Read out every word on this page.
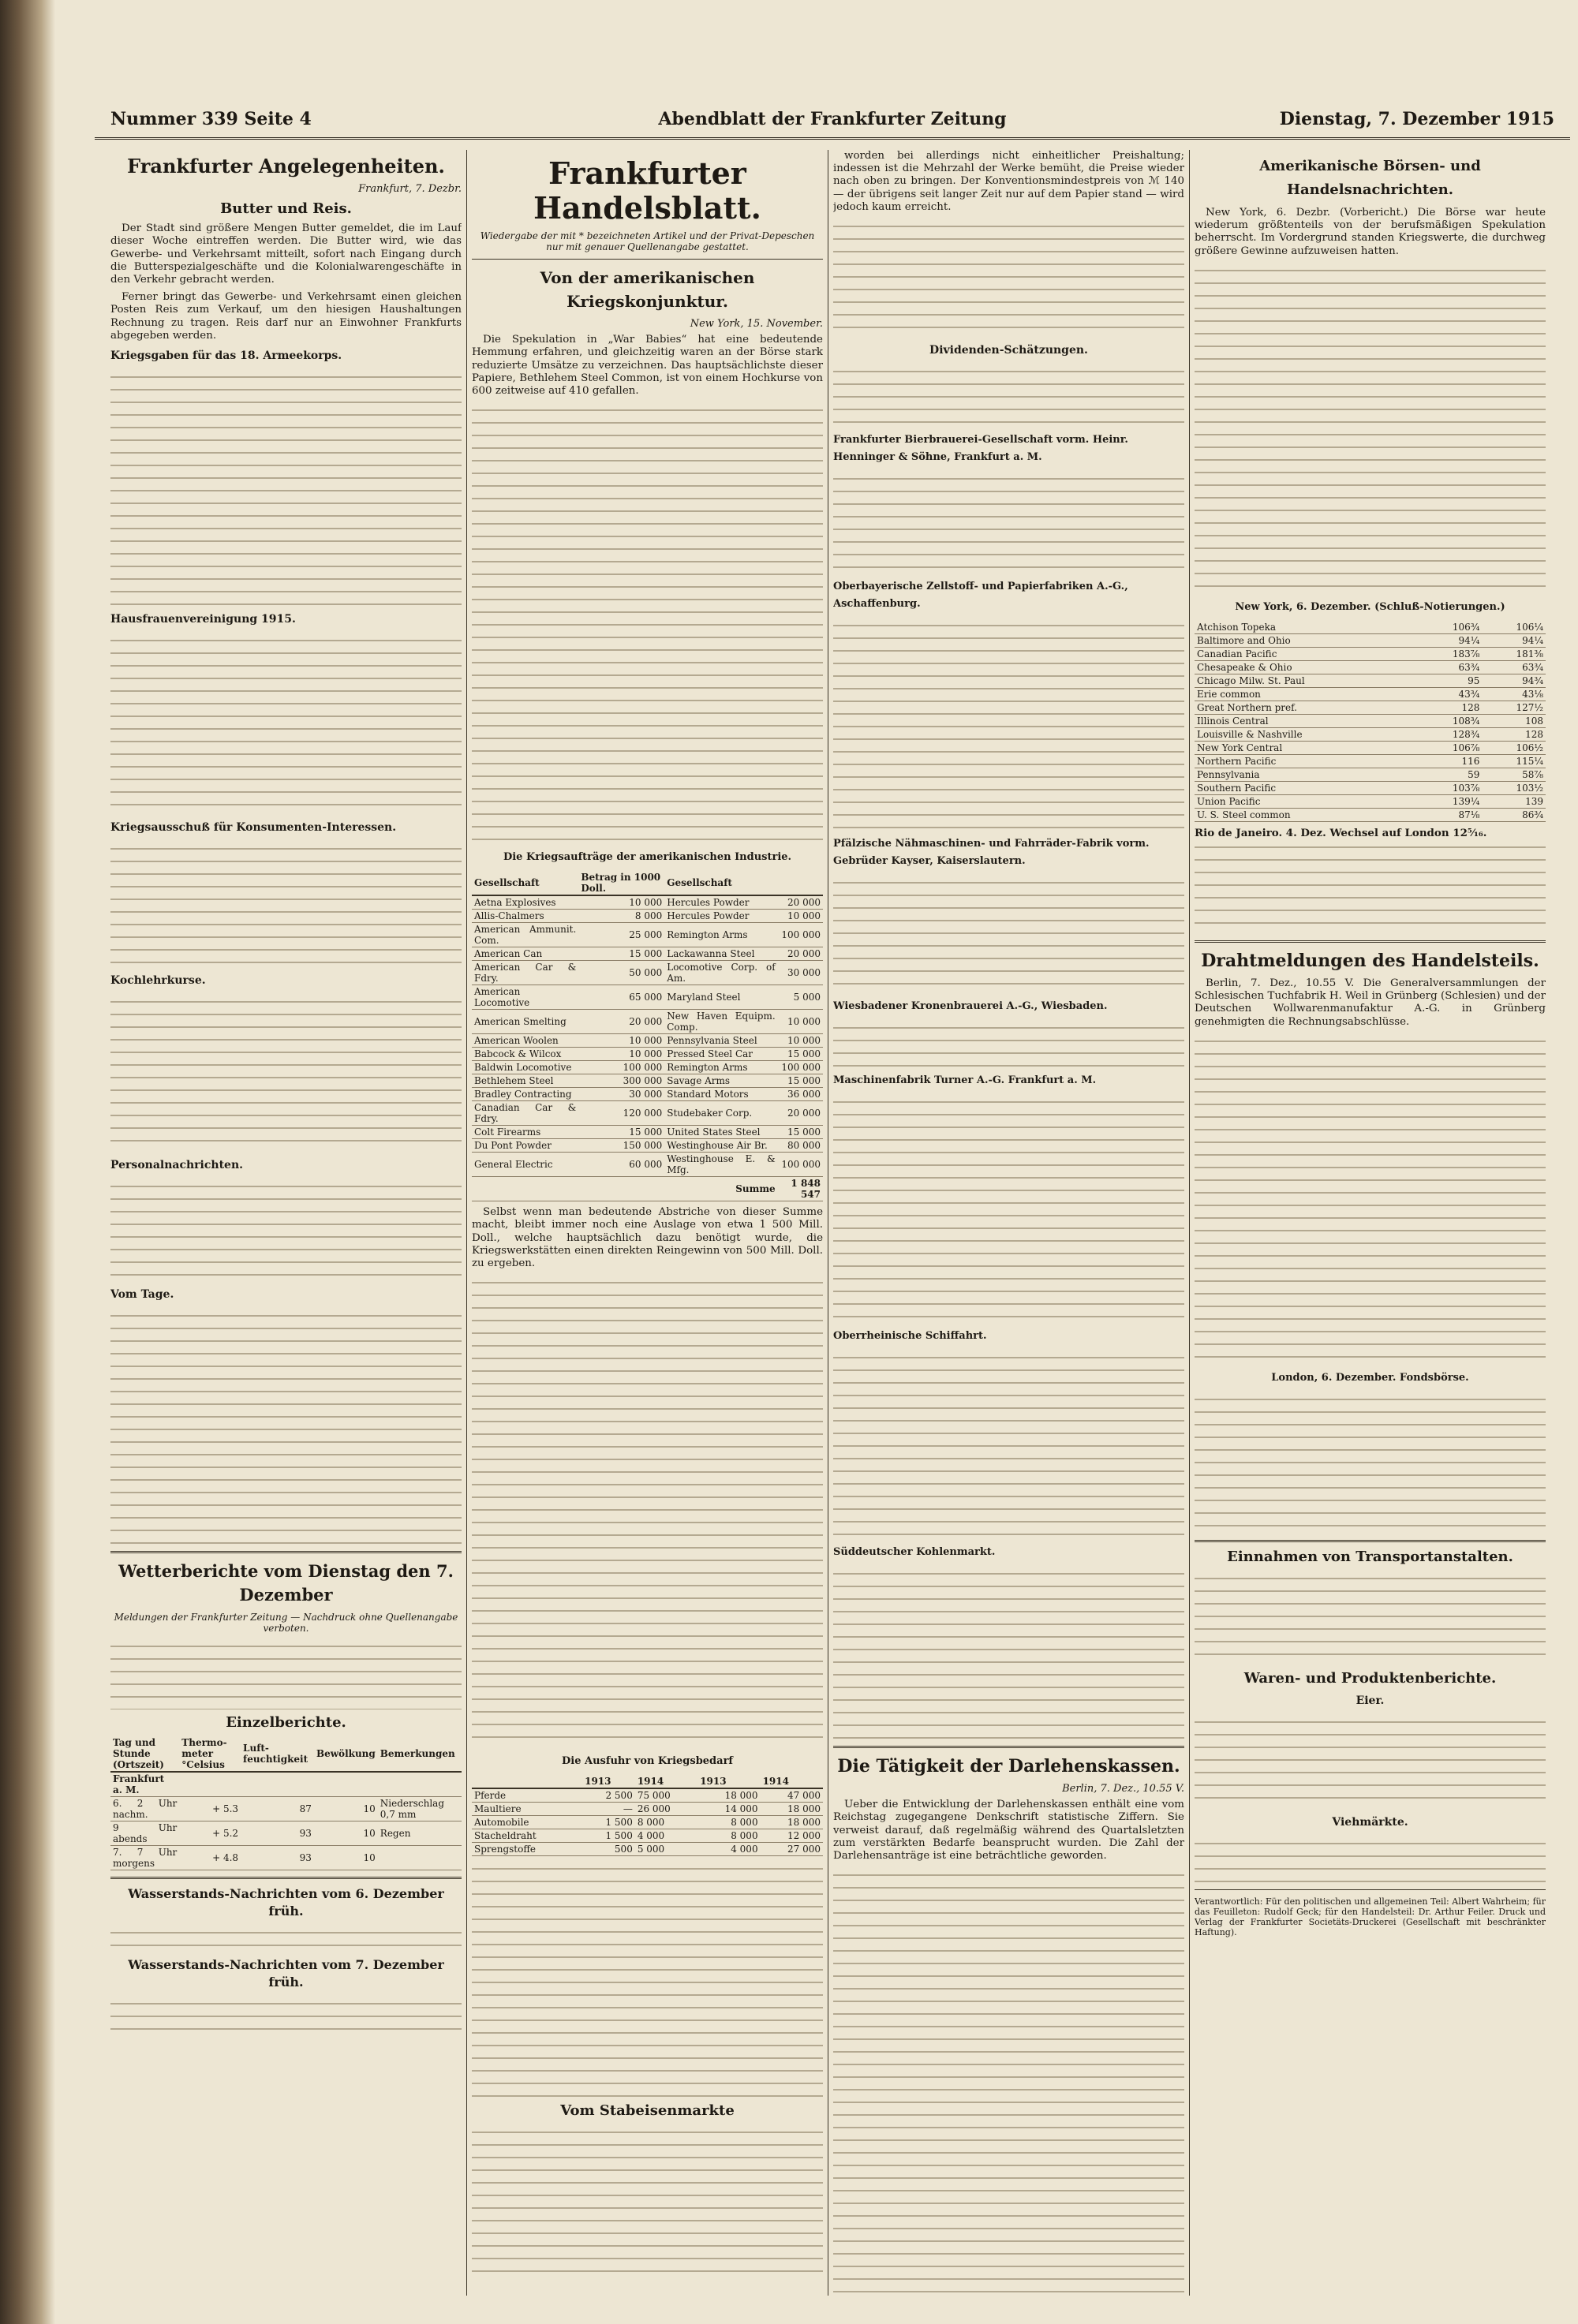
Nummer 339 Seite 4	Abendblatt der Frankfurter Zeitung	Dienstag, 7. Dezember 1915
Frankfurter Angelegenheiten.
Frankfurt, 7. Dezbr.
Butter und Reis.

Der Stadt sind größere Mengen Butter gemeldet, die im Lauf dieser Woche eintreffen werden. Die Butter wird, wie das Gewerbe- und Verkehrsamt mitteilt, sofort nach Eingang durch die Butterspezialgeschäfte und die Kolonialwarengeschäfte in den Verkehr gebracht werden.

Ferner bringt das Gewerbe- und Verkehrsamt einen gleichen Posten Reis zum Verkauf, um den hiesigen Haushaltungen Rechnung zu tragen. Reis darf nur an Einwohner Frankfurts abgegeben werden.

Kriegsgaben für das 18. Armeekorps.

Hausfrauenvereinigung 1915.

Kriegsausschuß für Konsumenten-Interessen.

Kochlehrkurse.

Personalnachrichten.

Vom Tage.

Wetterberichte vom Dienstag den 7. Dezember
Meldungen der Frankfurter Zeitung — Nachdruck ohne Quellenangabe verboten.

Einzelberichte.
Tag und Stunde (Ortszeit)	Thermo-meter °Celsius	Luft-feuchtigkeit	Bewölkung	Bemerkungen
Frankfurt a. M.				
6. 2 Uhr nachm.	+ 5.3	87	10	Niederschlag 0,7 mm
9 Uhr abends	+ 5.2	93	10	Regen
7. 7 Uhr morgens	+ 4.8	93	10	
Wasserstands-Nachrichten vom 6. Dezember früh.

Wasserstands-Nachrichten vom 7. Dezember früh.

Frankfurter Handelsblatt.
Wiedergabe der mit * bezeichneten Artikel und der Privat-Depeschen nur mit genauer Quellenangabe gestattet.
Von der amerikanischen Kriegskonjunktur.
New York, 15. November.

Die Spekulation in „War Babies“ hat eine bedeutende Hemmung erfahren, und gleichzeitig waren an der Börse stark reduzierte Umsätze zu verzeichnen. Das hauptsächlichste dieser Papiere, Bethlehem Steel Common, ist von einem Hochkurse von 600 zeitweise auf 410 gefallen.

Die Kriegsaufträge der amerikanischen Industrie.
Gesellschaft	Betrag in 1000 Doll.	Gesellschaft	
Aetna Explosives	10 000	Hercules Powder	20 000
Allis-Chalmers	8 000	Hercules Powder	10 000
American Ammunit. Com.	25 000	Remington Arms	100 000
American Can	15 000	Lackawanna Steel	20 000
American Car & Fdry.	50 000	Locomotive Corp. of Am.	30 000
American Locomotive	65 000	Maryland Steel	5 000
American Smelting	20 000	New Haven Equipm. Comp.	10 000
American Woolen	10 000	Pennsylvania Steel	10 000
Babcock & Wilcox	10 000	Pressed Steel Car	15 000
Baldwin Locomotive	100 000	Remington Arms	100 000
Bethlehem Steel	300 000	Savage Arms	15 000
Bradley Contracting	30 000	Standard Motors	36 000
Canadian Car & Fdry.	120 000	Studebaker Corp.	20 000
Colt Firearms	15 000	United States Steel	15 000
Du Pont Powder	150 000	Westinghouse Air Br.	80 000
General Electric	60 000	Westinghouse E. & Mfg.	100 000
Summe			1 848 547

Selbst wenn man bedeutende Abstriche von dieser Summe macht, bleibt immer noch eine Auslage von etwa 1 500 Mill. Doll., welche hauptsächlich dazu benötigt wurde, die Kriegswerkstätten einen direkten Reingewinn von 500 Mill. Doll. zu ergeben.

Die Ausfuhr von Kriegsbedarf
	1913	1914	1913	1914
Pferde	2 500	75 000	18 000	47 000
Maultiere	—	26 000	14 000	18 000
Automobile	1 500	8 000	8 000	18 000
Stacheldraht	1 500	4 000	8 000	12 000
Sprengstoffe	500	5 000	4 000	27 000

Vom Stabeisenmarkte

worden bei allerdings nicht einheitlicher Preishaltung; indessen ist die Mehrzahl der Werke bemüht, die Preise wieder nach oben zu bringen. Der Konventionsmindestpreis von ℳ 140 — der übrigens seit langer Zeit nur auf dem Papier stand — wird jedoch kaum erreicht.

Dividenden-Schätzungen.

Frankfurter Bierbrauerei-Gesellschaft vorm. Heinr. Henninger & Söhne, Frankfurt a. M.

Oberbayerische Zellstoff- und Papierfabriken A.-G., Aschaffenburg.

Pfälzische Nähmaschinen- und Fahrräder-Fabrik vorm. Gebrüder Kayser, Kaiserslautern.

Wiesbadener Kronenbrauerei A.-G., Wiesbaden.

Maschinenfabrik Turner A.-G. Frankfurt a. M.

Oberrheinische Schiffahrt.

Süddeutscher Kohlenmarkt.

Die Tätigkeit der Darlehenskassen.
Berlin, 7. Dez., 10.55 V.

Ueber die Entwicklung der Darlehenskassen enthält eine vom Reichstag zugegangene Denkschrift statistische Ziffern. Sie verweist darauf, daß regelmäßig während des Quartalsletzten zum verstärkten Bedarfe beansprucht wurden. Die Zahl der Darlehensanträge ist eine beträchtliche geworden.

Amerikanische Börsen- und Handelsnachrichten.

New York, 6. Dezbr. (Vorbericht.) Die Börse war heute wiederum größtenteils von der berufsmäßigen Spekulation beherrscht. Im Vordergrund standen Kriegswerte, die durchweg größere Gewinne aufzuweisen hatten.

New York, 6. Dezember. (Schluß-Notierungen.)
Atchison Topeka	106¾	106¼
Baltimore and Ohio	94¼	94¼
Canadian Pacific	183⅞	181⅜
Chesapeake & Ohio	63¾	63¾
Chicago Milw. St. Paul	95	94¾
Erie common	43¾	43⅛
Great Northern pref.	128	127½
Illinois Central	108¾	108
Louisville & Nashville	128¾	128
New York Central	106⅞	106½
Northern Pacific	116	115¼
Pennsylvania	59	58⅞
Southern Pacific	103⅞	103½
Union Pacific	139¼	139
U. S. Steel common	87⅛	86¾
Rio de Janeiro. 4. Dez. Wechsel auf London 12⁵⁄₁₆.

Drahtmeldungen des Handelsteils.

Berlin, 7. Dez., 10.55 V. Die Generalversammlungen der Schlesischen Tuchfabrik H. Weil in Grünberg (Schlesien) und der Deutschen Wollwarenmanufaktur A.-G. in Grünberg genehmigten die Rechnungsabschlüsse.

London, 6. Dezember. Fondsbörse.

Einnahmen von Transportanstalten.

Waren- und Produktenberichte.
Eier.

Viehmärkte.

Verantwortlich: Für den politischen und allgemeinen Teil: Albert Wahrheim; für das Feuilleton: Rudolf Geck; für den Handelsteil: Dr. Arthur Feiler. Druck und Verlag der Frankfurter Societäts-Druckerei (Gesellschaft mit beschränkter Haftung).
